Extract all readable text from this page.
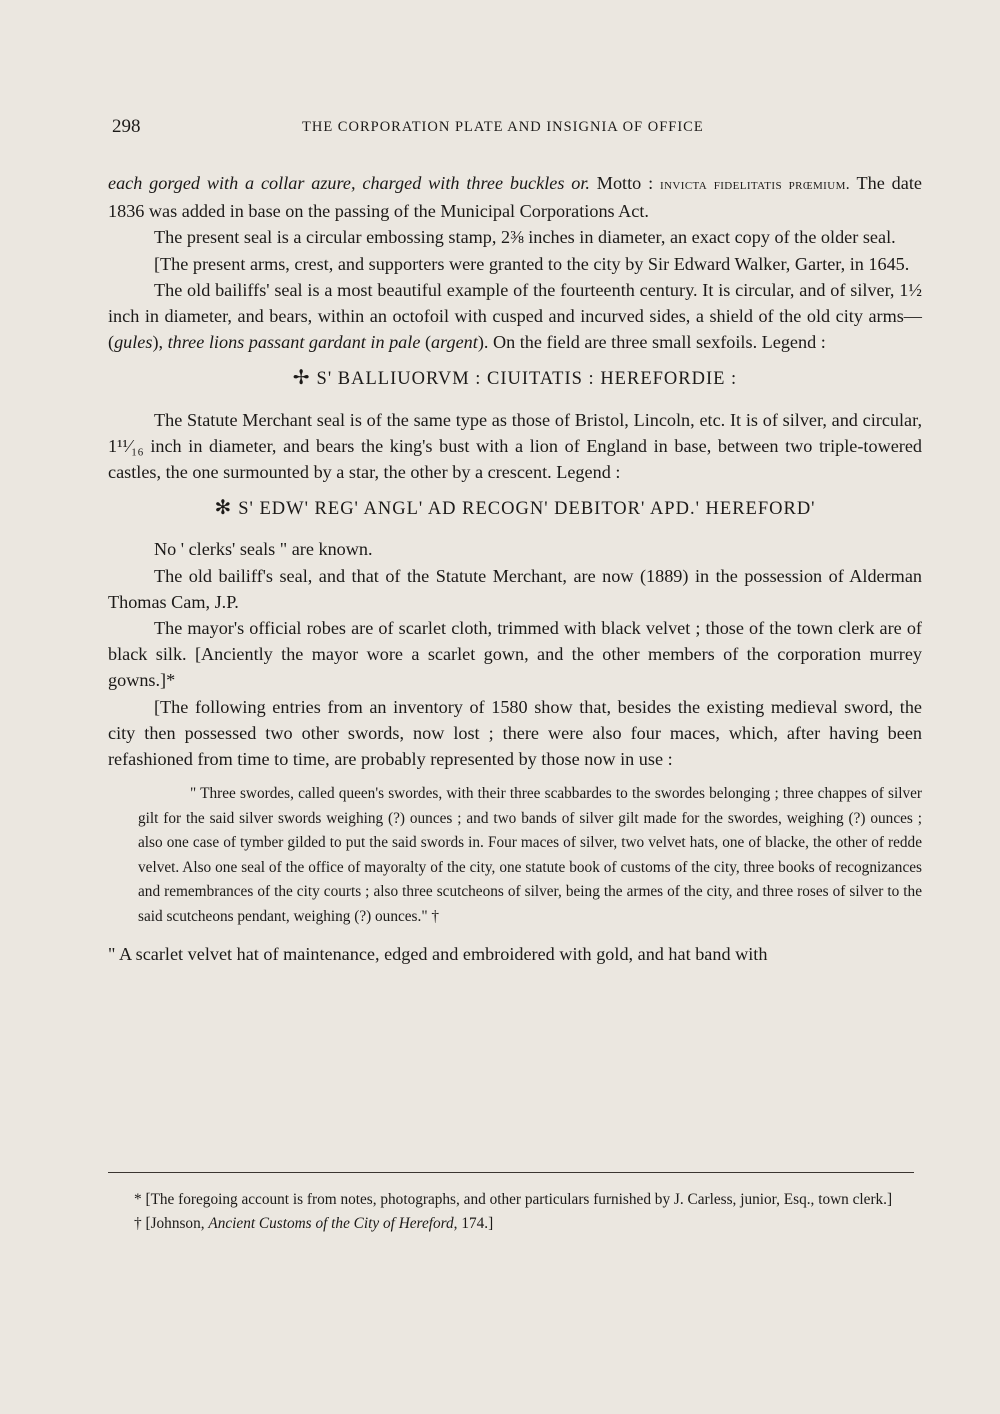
298	THE CORPORATION PLATE AND INSIGNIA OF OFFICE

each gorged with a collar azure, charged with three buckles or. Motto : invicta fidelitatis prœmium. The date 1836 was added in base on the passing of the Municipal Corporations Act.

The present seal is a circular embossing stamp, 2⅜ inches in diameter, an exact copy of the older seal.

[The present arms, crest, and supporters were granted to the city by Sir Edward Walker, Garter, in 1645.

The old bailiffs' seal is a most beautiful example of the fourteenth century. It is circular, and of silver, 1½ inch in diameter, and bears, within an octofoil with cusped and incurved sides, a shield of the old city arms—(gules), three lions passant gardant in pale (argent). On the field are three small sexfoils. Legend :

✢ S' BALLIUORVM : CIUITATIS : HEREFORDIE :

The Statute Merchant seal is of the same type as those of Bristol, Lincoln, etc. It is of silver, and circular, 1¹¹⁄₁₆ inch in diameter, and bears the king's bust with a lion of England in base, between two triple-towered castles, the one surmounted by a star, the other by a crescent. Legend :

✻ S' EDW' REG' ANGL' AD RECOGN' DEBITOR' APD.' HEREFORD'

No ' clerks' seals " are known.

The old bailiff's seal, and that of the Statute Merchant, are now (1889) in the possession of Alderman Thomas Cam, J.P.

The mayor's official robes are of scarlet cloth, trimmed with black velvet ; those of the town clerk are of black silk. [Anciently the mayor wore a scarlet gown, and the other members of the corporation murrey gowns.]*

[The following entries from an inventory of 1580 show that, besides the existing medieval sword, the city then possessed two other swords, now lost ; there were also four maces, which, after having been refashioned from time to time, are probably represented by those now in use :

" Three swordes, called queen's swordes, with their three scabbardes to the swordes belonging ; three chappes of silver gilt for the said silver swords weighing (?) ounces ; and two bands of silver gilt made for the swordes, weighing (?) ounces ; also one case of tymber gilded to put the said swords in. Four maces of silver, two velvet hats, one of blacke, the other of redde velvet. Also one seal of the office of mayoralty of the city, one statute book of customs of the city, three books of recognizances and remembrances of the city courts ; also three scutcheons of silver, being the armes of the city, and three roses of silver to the said scutcheons pendant, weighing (?) ounces." †

" A scarlet velvet hat of maintenance, edged and embroidered with gold, and hat band with

* [The foregoing account is from notes, photographs, and other particulars furnished by J. Carless, junior, Esq., town clerk.]

† [Johnson, Ancient Customs of the City of Hereford, 174.]
